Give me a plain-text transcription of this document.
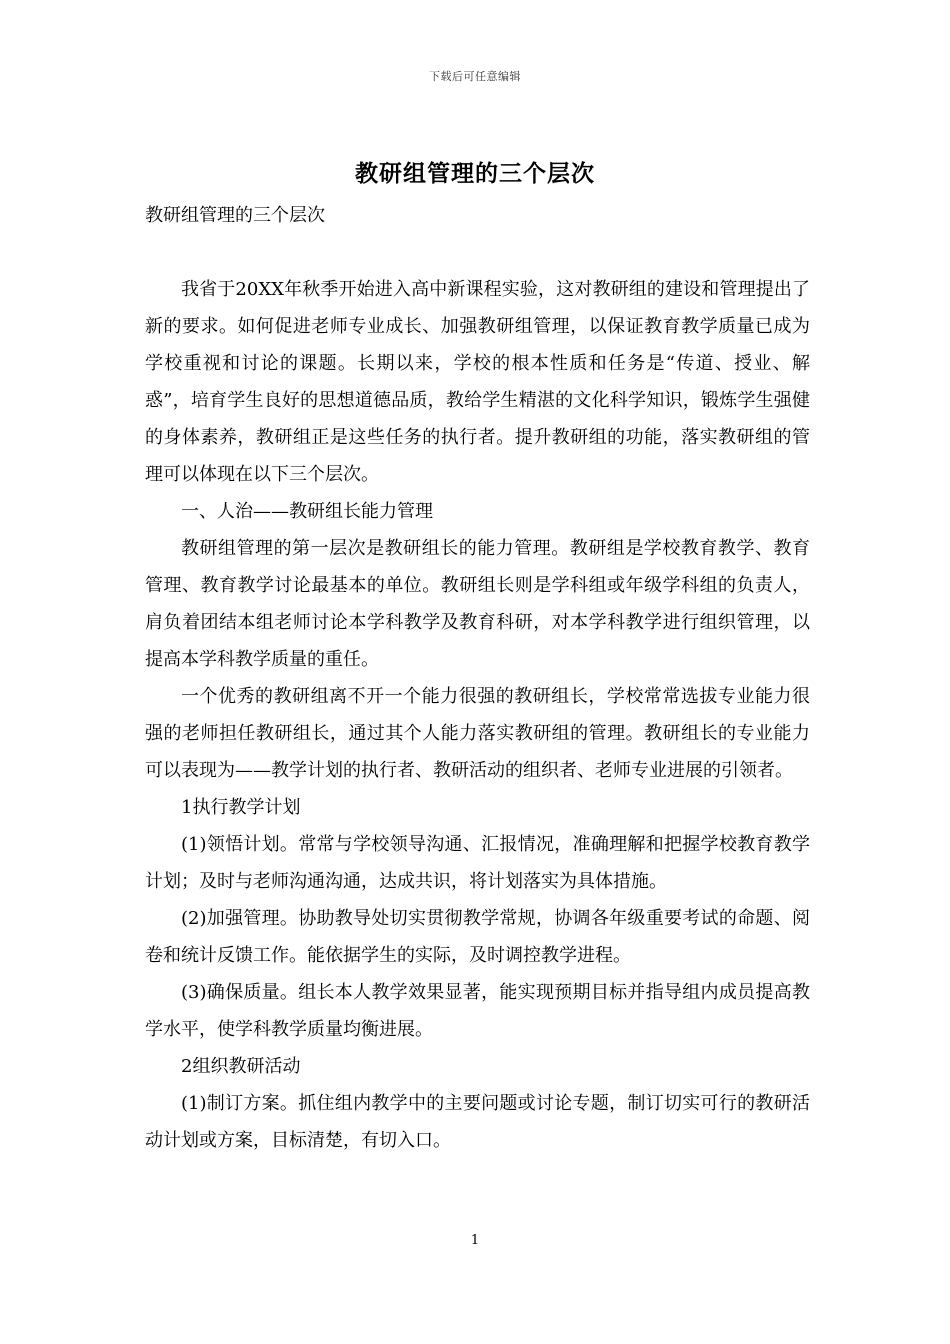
下载后可任意编辑
教研组管理的三个层次

教研组管理的三个层次

我省于20XX年秋季开始进入高中新课程实验，这对教研组的建设和管理提出了新的要求。如何促进老师专业成长、加强教研组管理，以保证教育教学质量已成为学校重视和讨论的课题。长期以来，学校的根本性质和任务是“传道、授业、解惑”，培育学生良好的思想道德品质，教给学生精湛的文化科学知识，锻炼学生强健的身体素养，教研组正是这些任务的执行者。提升教研组的功能，落实教研组的管理可以体现在以下三个层次。

一、人治——教研组长能力管理

教研组管理的第一层次是教研组长的能力管理。教研组是学校教育教学、教育管理、教育教学讨论最基本的单位。教研组长则是学科组或年级学科组的负责人，肩负着团结本组老师讨论本学科教学及教育科研，对本学科教学进行组织管理，以提高本学科教学质量的重任。

一个优秀的教研组离不开一个能力很强的教研组长，学校常常选拔专业能力很强的老师担任教研组长，通过其个人能力落实教研组的管理。教研组长的专业能力可以表现为——教学计划的执行者、教研活动的组织者、老师专业进展的引领者。

1执行教学计划

(1)领悟计划。常常与学校领导沟通、汇报情况，准确理解和把握学校教育教学计划；及时与老师沟通沟通，达成共识，将计划落实为具体措施。

(2)加强管理。协助教导处切实贯彻教学常规，协调各年级重要考试的命题、阅卷和统计反馈工作。能依据学生的实际，及时调控教学进程。

(3)确保质量。组长本人教学效果显著，能实现预期目标并指导组内成员提高教学水平，使学科教学质量均衡进展。

2组织教研活动

(1)制订方案。抓住组内教学中的主要问题或讨论专题，制订切实可行的教研活动计划或方案，目标清楚，有切入口。

1
